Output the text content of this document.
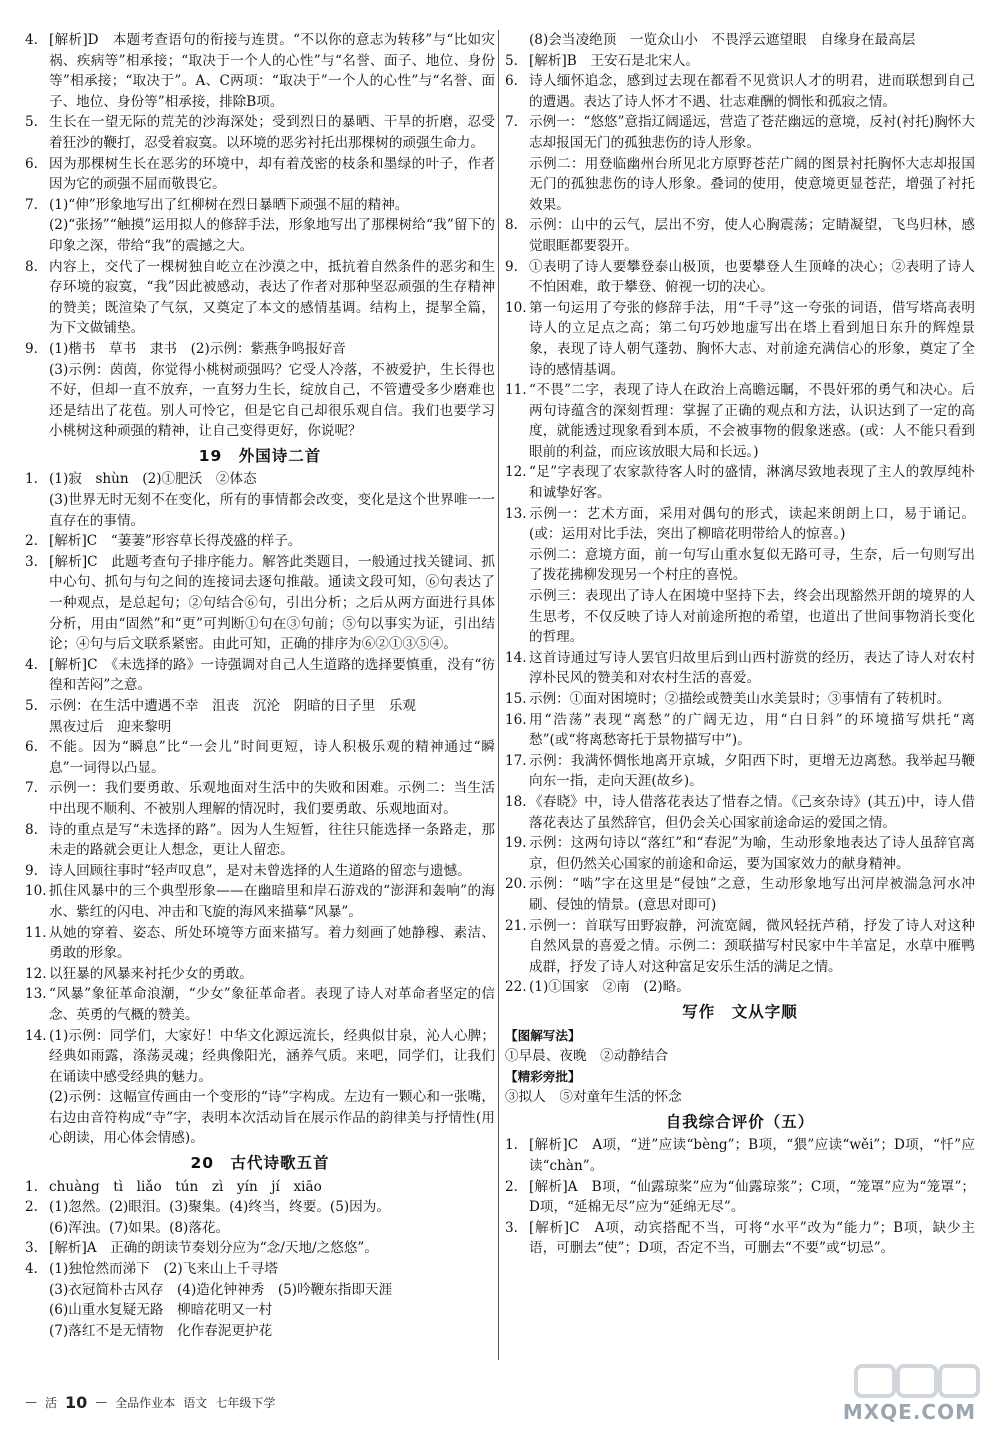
4. [解析]D　本题考查语句的衔接与连贯。“不以你的意志为转移”与“比如灾祸、疾病等”相承接；“取决于一个人的心性”与“名誉、面子、地位、身份等”相承接；“取决于”。A、C两项：“取决于”一个人的心性”与“名誉、面子、地位、身份等”相承接，排除B项。
5. 生长在一望无际的荒芜的沙海深处；受到烈日的暴晒、干旱的折磨，忍受着狂沙的鞭打，忍受着寂寞。以环境的恶劣衬托出那棵树的顽强生命力。
6. 因为那棵树生长在恶劣的环境中，却有着茂密的枝条和墨绿的叶子，作者因为它的顽强不屈而敬畏它。
7. (1)“伸”形象地写出了红柳树在烈日暴晒下顽强不屈的精神。
(2)“张扬”“触摸”运用拟人的修辞手法，形象地写出了那棵树给“我”留下的印象之深，带给“我”的震撼之大。
8. 内容上，交代了一棵树独自屹立在沙漠之中，抵抗着自然条件的恶劣和生存环境的寂寞，“我”因此被感动，表达了作者对那种坚忍顽强的生存精神的赞美；既渲染了气氛，又奠定了本文的感情基调。结构上，提挈全篇，为下文做铺垫。
9. (1)楷书　草书　隶书　(2)示例：紫燕争鸣报好音
(3)示例：茵茵，你觉得小桃树顽强吗？它受人冷落，不被爱护，生长得也不好，但却一直不放弃，一直努力生长，绽放自己，不管遭受多少磨难也还是结出了花苞。别人可怜它，但是它自己却很乐观自信。我们也要学习小桃树这种顽强的精神，让自己变得更好，你说呢？
19　外国诗二首
1. (1)寂　shùn　(2)①肥沃　②体态
(3)世界无时无刻不在变化，所有的事情都会改变，变化是这个世界唯一一直存在的事情。
2. [解析]C　“萋萋”形容草长得茂盛的样子。
3. [解析]C　此题考查句子排序能力。解答此类题目，一般通过找关键词、抓中心句、抓句与句之间的连接词去逐句推敲。通读文段可知，⑥句表达了一种观点，是总起句；②句结合⑥句，引出分析；之后从两方面进行具体分析，用由“固然”和“更”可判断①句在③句前；⑤句以事实为证，引出结论；④句与后文联系紧密。由此可知，正确的排序为⑥②①③⑤④。
4. [解析]C　《未选择的路》一诗强调对自己人生道路的选择要慎重，没有“彷徨和苦闷”之意。
5. 示例：在生活中遭遇不幸　沮丧　沉沦　阴暗的日子里　乐观
黑夜过后　迎来黎明
6. 不能。因为“瞬息”比“一会儿”时间更短，诗人积极乐观的精神通过“瞬息”一词得以凸显。
7. 示例一：我们要勇敢、乐观地面对生活中的失败和困难。示例二：当生活中出现不顺利、不被别人理解的情况时，我们要勇敢、乐观地面对。
8. 诗的重点是写“未选择的路”。因为人生短暂，往往只能选择一条路走，那未走的路就会更让人想念，更让人留恋。
9. 诗人回顾往事时“轻声叹息”，是对未曾选择的人生道路的留恋与遗憾。
10. 抓住风暴中的三个典型形象——在幽暗里和岸石游戏的“澎湃和轰响”的海水、紫红的闪电、冲击和飞旋的海风来描摹“风暴”。
11. 从她的穿着、姿态、所处环境等方面来描写。着力刻画了她静穆、素洁、勇敢的形象。
12. 以狂暴的风暴来衬托少女的勇敢。
13. “风暴”象征革命浪潮，“少女”象征革命者。表现了诗人对革命者坚定的信念、英勇的气概的赞美。
14. (1)示例：同学们，大家好！中华文化源远流长，经典似甘泉，沁人心脾；经典如雨露，涤荡灵魂；经典像阳光，涵养气质。来吧，同学们，让我们在诵读中感受经典的魅力。
(2)示例：这幅宣传画由一个变形的“诗”字构成。左边有一颗心和一张嘴，右边由音符构成“寺”字，表明本次活动旨在展示作品的韵律美与抒情性(用心朗读，用心体会情感)。
20　古代诗歌五首
1. chuàng　tì　liǎo　tún　zì　yín　jí　xiāo
2. (1)忽然。(2)眼泪。(3)聚集。(4)终当，终要。(5)因为。
(6)浑浊。(7)如果。(8)落花。
3. [解析]A　正确的朗读节奏划分应为“念/天地/之悠悠”。
4. (1)独怆然而涕下　(2)飞来山上千寻塔
(3)衣冠简朴古风存　(4)造化钟神秀　(5)吟鞭东指即天涯
(6)山重水复疑无路　柳暗花明又一村
(7)落红不是无情物　化作春泥更护花
(8)会当凌绝顶　一览众山小　不畏浮云遮望眼　自缘身在最高层
5. [解析]B　王安石是北宋人。
6. 诗人缅怀追念，感到过去现在都看不见赏识人才的明君，进而联想到自己的遭遇。表达了诗人怀才不遇、壮志难酬的惆怅和孤寂之情。
7. 示例一：“悠悠”意指辽阔遥远，营造了苍茫幽远的意境，反衬(衬托)胸怀大志却报国无门的孤独悲伤的诗人形象。
示例二：用登临幽州台所见北方原野苍茫广阔的图景衬托胸怀大志却报国无门的孤独悲伤的诗人形象。叠词的使用，使意境更显苍茫，增强了衬托效果。
8. 示例：山中的云气，层出不穷，使人心胸震荡；定睛凝望，飞鸟归林，感觉眼眶都要裂开。
9. ①表明了诗人要攀登泰山极顶，也要攀登人生顶峰的决心；②表明了诗人不怕困难，敢于攀登、俯视一切的决心。
10. 第一句运用了夸张的修辞手法，用“千寻”这一夸张的词语，借写塔高表明诗人的立足点之高；第二句巧妙地虚写出在塔上看到旭日东升的辉煌景象，表现了诗人朝气蓬勃、胸怀大志、对前途充满信心的形象，奠定了全诗的感情基调。
11. “不畏”二字，表现了诗人在政治上高瞻远瞩，不畏奸邪的勇气和决心。后两句诗蕴含的深刻哲理：掌握了正确的观点和方法，认识达到了一定的高度，就能透过现象看到本质，不会被事物的假象迷惑。(或：人不能只看到眼前的利益，而应该放眼大局和长远。)
12. “足”字表现了农家款待客人时的盛情，淋漓尽致地表现了主人的敦厚纯朴和诚挚好客。
13. 示例一：艺术方面，采用对偶句的形式，读起来朗朗上口，易于诵记。(或：运用对比手法，突出了柳暗花明带给人的惊喜。)
示例二：意境方面，前一句写山重水复似无路可寻，生奈，后一句则写出了拨花拂柳发现另一个村庄的喜悦。
示例三：表现出了诗人在困境中坚持下去，终会出现豁然开朗的境界的人生思考，不仅反映了诗人对前途所抱的希望，也道出了世间事物消长变化的哲理。
14. 这首诗通过写诗人罢官归故里后到山西村游赏的经历，表达了诗人对农村淳朴民风的赞美和对农村生活的喜爱。
15. 示例：①面对困境时；②描绘或赞美山水美景时；③事情有了转机时。
16. 用“浩荡”表现“离愁”的广阔无边，用“白日斜”的环境描写烘托“离愁”(或“将离愁寄托于景物描写中”)。
17. 示例：我满怀惆怅地离开京城，夕阳西下时，更增无边离愁。我举起马鞭向东一指，走向天涯(故乡)。
18. 《春晓》中，诗人借落花表达了惜春之情。《己亥杂诗》(其五)中，诗人借落花表达了虽然辞官，但仍会关心国家前途命运的爱国之情。
19. 示例：这两句诗以“落红”和“春泥”为喻，生动形象地表达了诗人虽辞官离京，但仍然关心国家的前途和命运，要为国家效力的献身精神。
20. 示例：“啮”字在这里是“侵蚀”之意，生动形象地写出河岸被湍急河水冲刷、侵蚀的情景。(意思对即可)
21. 示例一：首联写田野寂静，河流宽阔，微风轻抚芦稍，抒发了诗人对这种自然风景的喜爱之情。示例二：颈联描写村民家中牛羊富足，水草中雁鸭成群，抒发了诗人对这种富足安乐生活的满足之情。
22. (1)①国家　②南　(2)略。
写作　文从字顺
【图解写法】
①早晨、夜晚　②动静结合
【精彩旁批】
③拟人　⑤对童年生活的怀念
自我综合评价（五）
1. [解析]C　A项，“迸”应读“bèng”；B项，“猥”应读“wěi”；D项，“忏”应读“chàn”。
2. [解析]A　B项，“仙露琼桨”应为“仙露琼浆”；C项，“笼罩”应为“笼罩”；D项，“延棉无尽”应为“延绵无尽”。
3. [解析]C　A项，动宾搭配不当，可将“水平”改为“能力”；B项，缺少主语，可删去“使”；D项，否定不当，可删去“不要”或“切忌”。
— 活 10 — 全品作业本 语文 七年级下学	MXQE.COM
